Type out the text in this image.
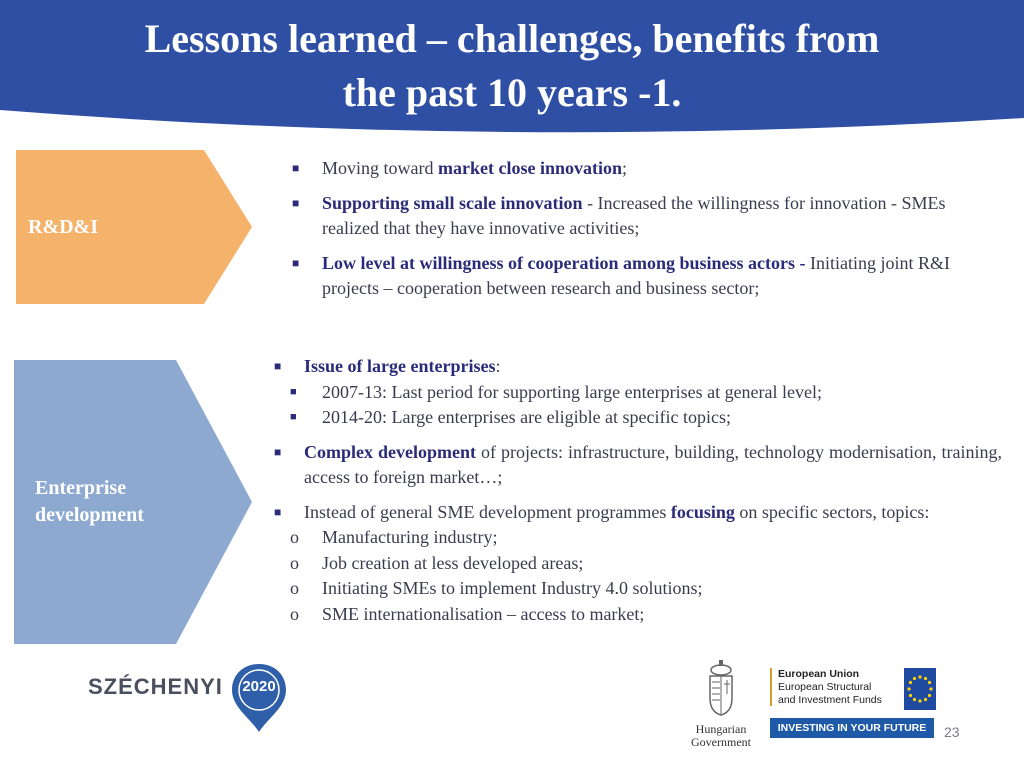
Lessons learned – challenges, benefits from
the past 10 years -1.
R&D&I
■ Moving toward market close innovation;
■ Supporting small scale innovation - Increased the willingness for innovation - SMEs realized that they have innovative activities;
■ Low level at willingness of cooperation among business actors - Initiating joint R&I projects – cooperation between research and business sector;
Enterprise
development
■ Issue of large enterprises:
■ 2007-13: Last period for supporting large enterprises at general level;
■ 2014-20: Large enterprises are eligible at specific topics;
■ Complex development of projects: infrastructure, building, technology modernisation, training, access to foreign market…;
■ Instead of general SME development programmes focusing on specific sectors, topics:
o Manufacturing industry;
o Job creation at less developed areas;
o Initiating SMEs to implement Industry 4.0 solutions;
o SME internationalisation – access to market;
SZÉCHENYI	2020
Hungarian
Government
European Union
European Structural
and Investment Funds
INVESTING IN YOUR FUTURE	23
